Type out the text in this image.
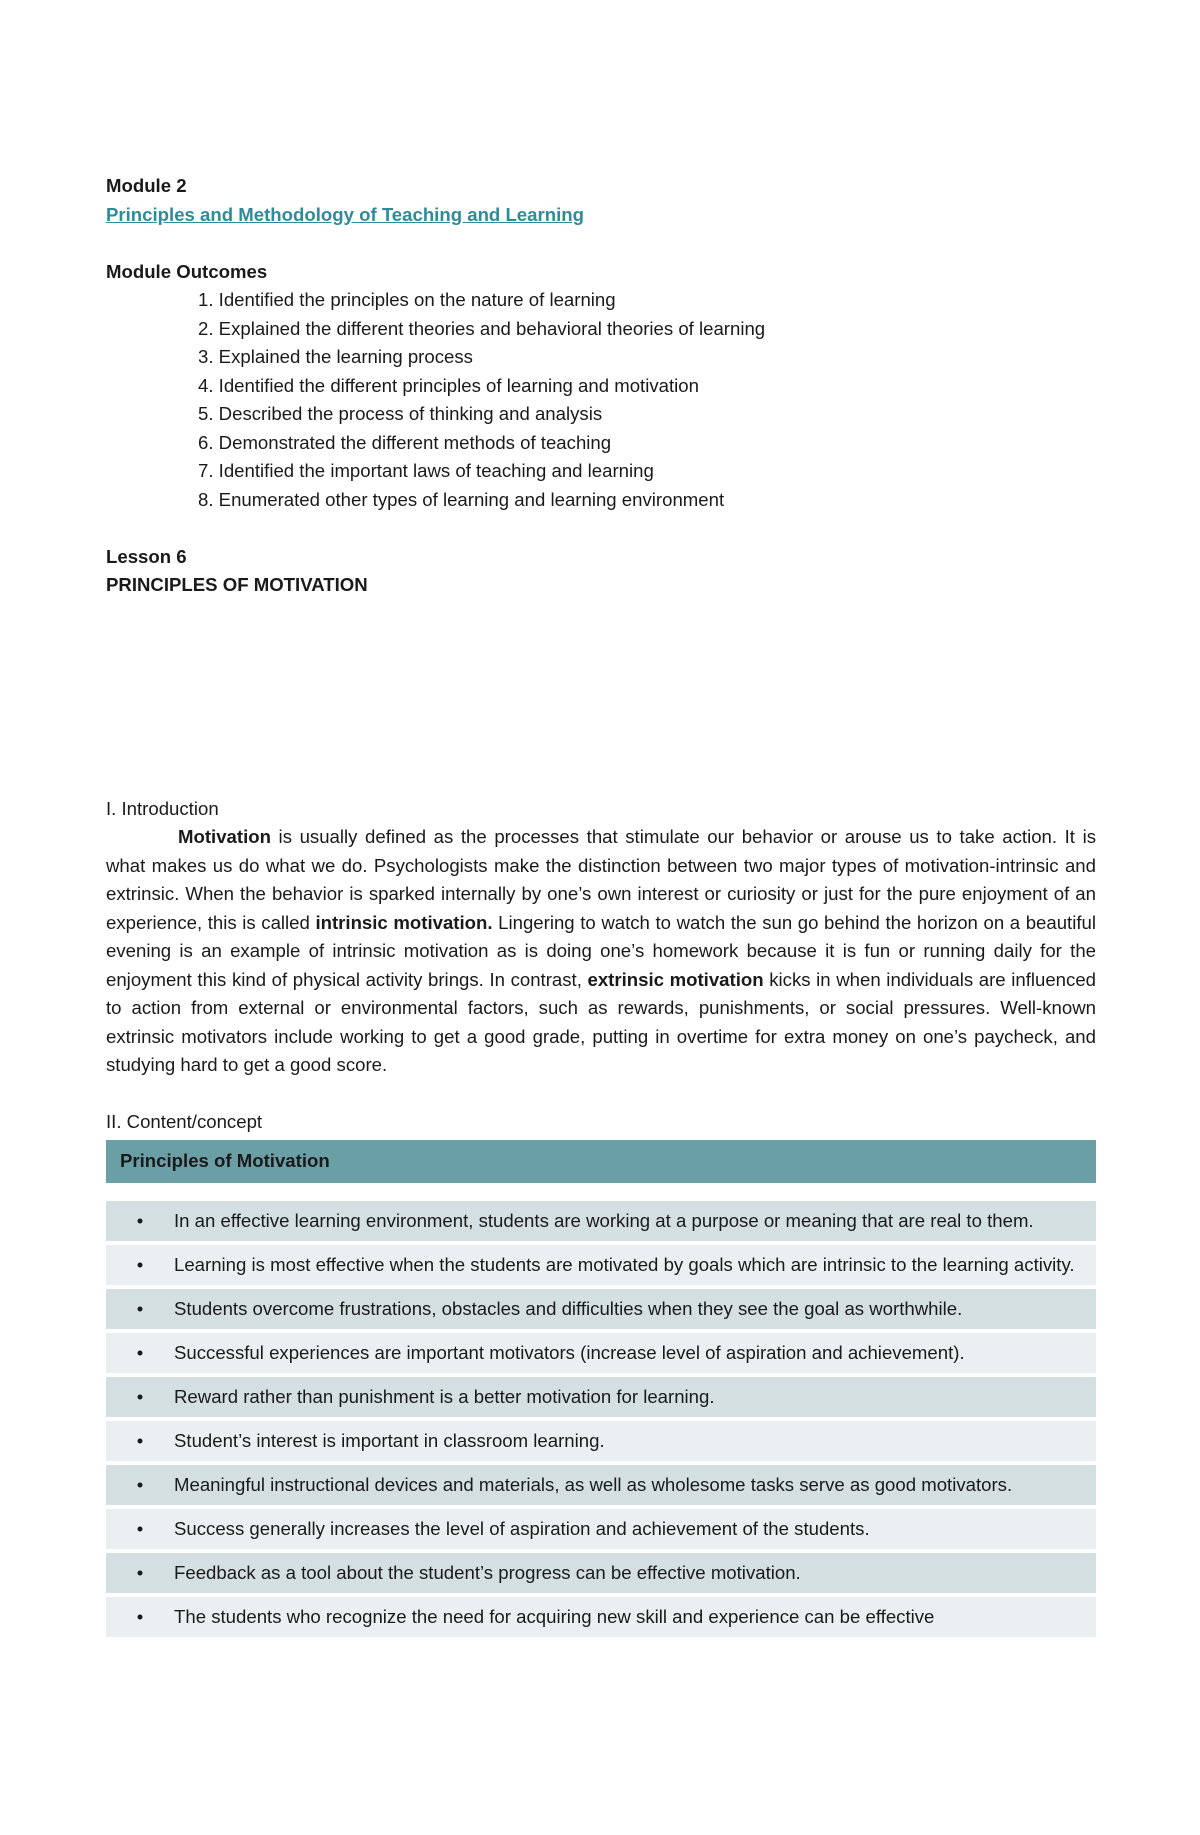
Module 2
Principles and Methodology of Teaching and Learning
Module Outcomes
1. Identified the principles on the nature of learning
2. Explained the different theories and behavioral theories of learning
3. Explained the learning process
4. Identified the different principles of learning and motivation
5. Described the process of thinking and analysis
6. Demonstrated the different methods of teaching
7. Identified the important laws of teaching and learning
8. Enumerated other types of learning and learning environment
Lesson 6
PRINCIPLES OF MOTIVATION
I. Introduction
Motivation is usually defined as the processes that stimulate our behavior or arouse us to take action. It is what makes us do what we do. Psychologists make the distinction between two major types of motivation-intrinsic and extrinsic. When the behavior is sparked internally by one’s own interest or curiosity or just for the pure enjoyment of an experience, this is called intrinsic motivation. Lingering to watch to watch the sun go behind the horizon on a beautiful evening is an example of intrinsic motivation as is doing one’s homework because it is fun or running daily for the enjoyment this kind of physical activity brings. In contrast, extrinsic motivation kicks in when individuals are influenced to action from external or environmental factors, such as rewards, punishments, or social pressures. Well-known extrinsic motivators include working to get a good grade, putting in overtime for extra money on one’s paycheck, and studying hard to get a good score.
II. Content/concept
Principles of Motivation	

•	In an effective learning environment, students are working at a purpose or meaning that are real to them.
•	Learning is most effective when the students are motivated by goals which are intrinsic to the learning activity.
•	Students overcome frustrations, obstacles and difficulties when they see the goal as worthwhile.
•	Successful experiences are important motivators (increase level of aspiration and achievement).
•	Reward rather than punishment is a better motivation for learning.
•	Student’s interest is important in classroom learning.
•	Meaningful instructional devices and materials, as well as wholesome tasks serve as good motivators.
•	Success generally increases the level of aspiration and achievement of the students.
•	Feedback as a tool about the student’s progress can be effective motivation.
•	The students who recognize the need for acquiring new skill and experience can be effective
